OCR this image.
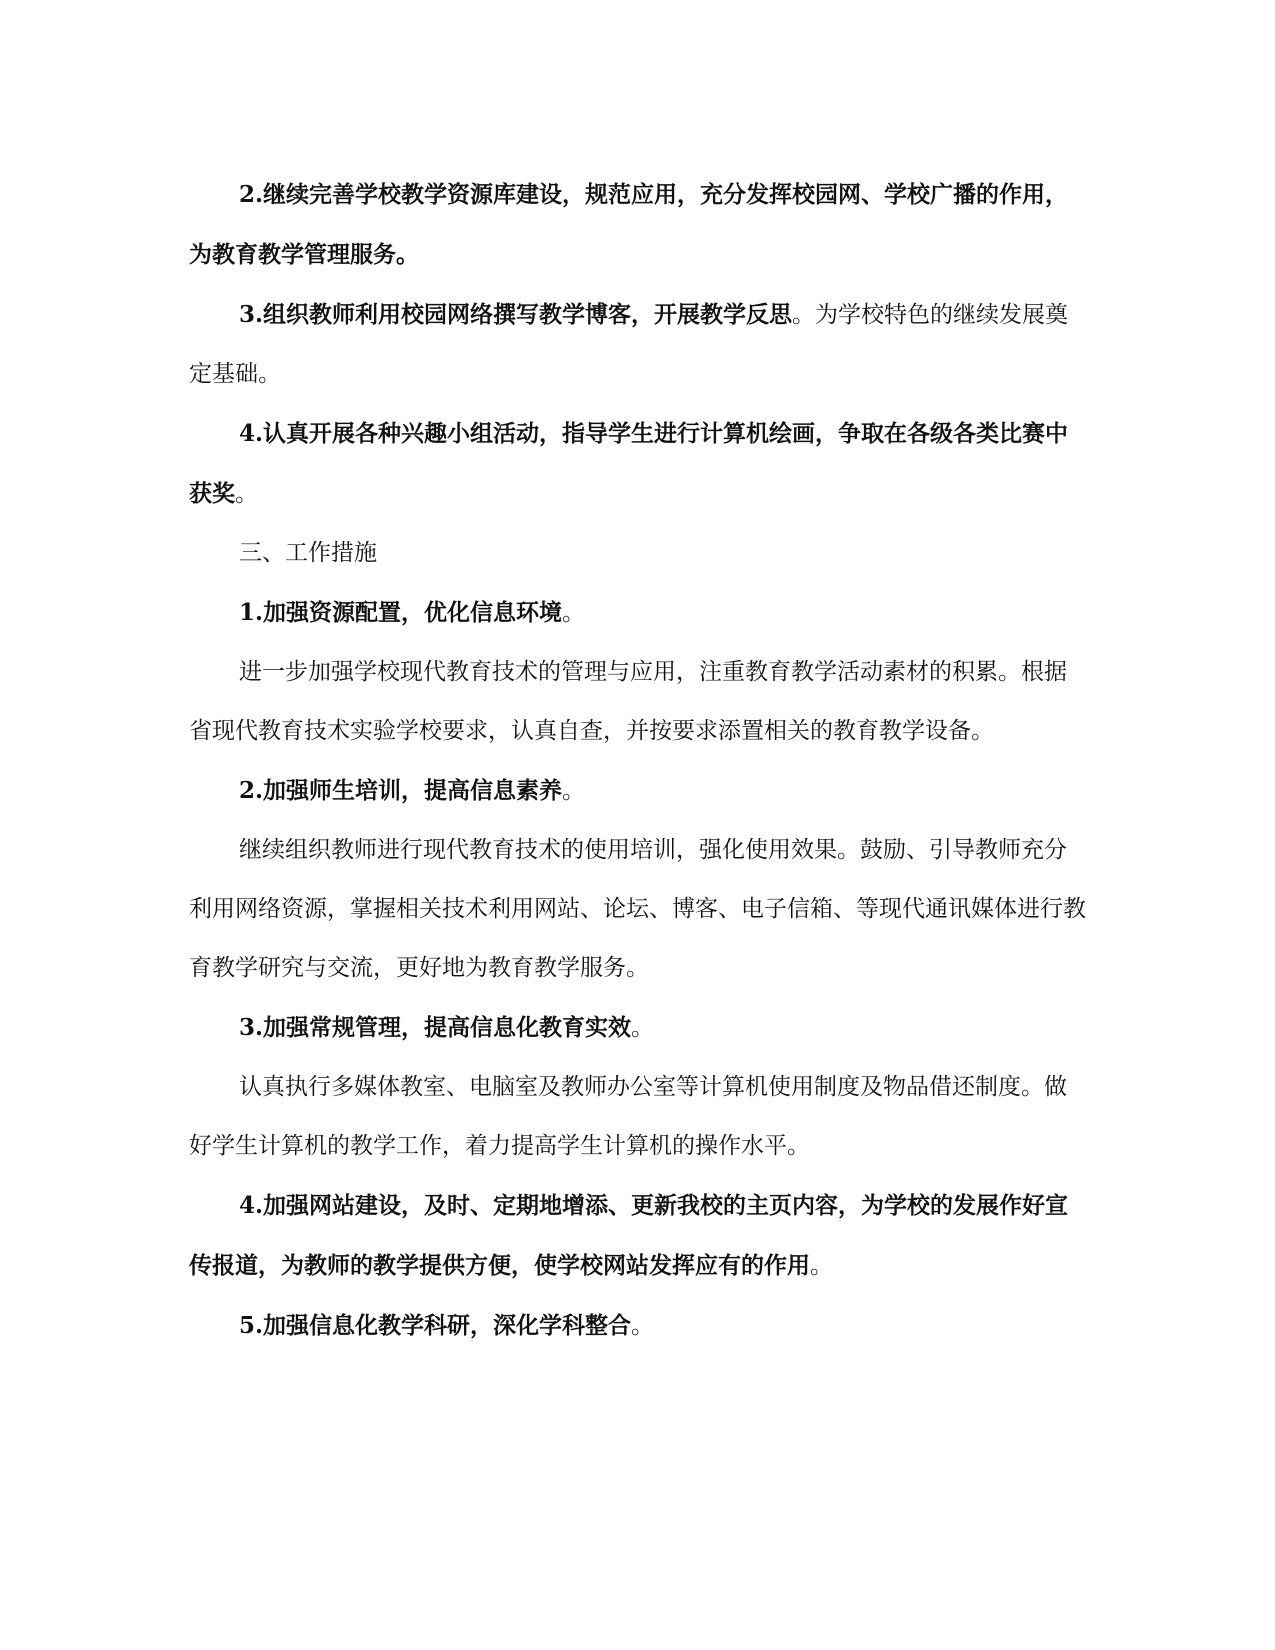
2.继续完善学校教学资源库建设，规范应用，充分发挥校园网、学校广播的作用，为教育教学管理服务。

3.组织教师利用校园网络撰写教学博客，开展教学反思。为学校特色的继续发展奠定基础。

4.认真开展各种兴趣小组活动，指导学生进行计算机绘画，争取在各级各类比赛中获奖。

三、工作措施

1.加强资源配置，优化信息环境。

进一步加强学校现代教育技术的管理与应用，注重教育教学活动素材的积累。根据省现代教育技术实验学校要求，认真自查，并按要求添置相关的教育教学设备。

2.加强师生培训，提高信息素养。

继续组织教师进行现代教育技术的使用培训，强化使用效果。鼓励、引导教师充分利用网络资源，掌握相关技术利用网站、论坛、博客、电子信箱、等现代通讯媒体进行教育教学研究与交流，更好地为教育教学服务。

3.加强常规管理，提高信息化教育实效。

认真执行多媒体教室、电脑室及教师办公室等计算机使用制度及物品借还制度。做好学生计算机的教学工作，着力提高学生计算机的操作水平。

4.加强网站建设，及时、定期地增添、更新我校的主页内容，为学校的发展作好宣传报道，为教师的教学提供方便，使学校网站发挥应有的作用。

5.加强信息化教学科研，深化学科整合。
